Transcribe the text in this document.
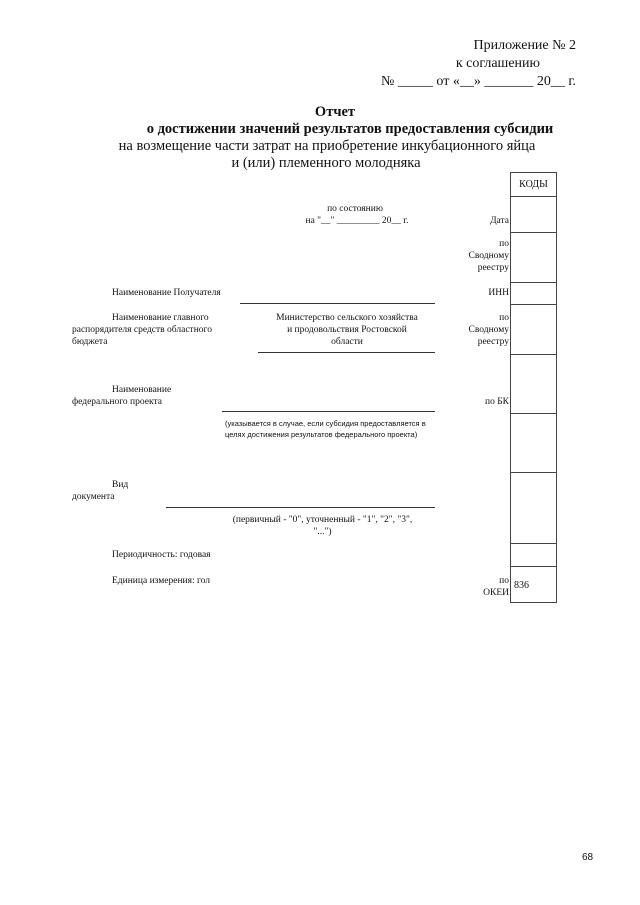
Приложение № 2
к соглашению
№ _____ от «__» _______ 20__ г.
Отчет
о достижении значений результатов предоставления субсидии
на возмещение части затрат на приобретение инкубационного яйца
и (или) племенного молодняка
КОДЫ
836
по состоянию
на "__" _________ 20__ г.	Дата
по
Сводному
реестру
ИНН
по
Сводному
реестру
по БК
по
ОКЕИ
Наименование Получателя
Наименование главного
распорядителя средств областного
бюджета
Министерство сельского хозяйства
и продовольствия Ростовской
области
Наименование
федерального проекта
(указывается в случае, если субсидия предоставляется в
целях достижения результатов федерального проекта)
Вид
документа
(первичный - "0", уточненный - "1", "2", "3",
"...")
Периодичность: годовая
Единица измерения: гол
68
